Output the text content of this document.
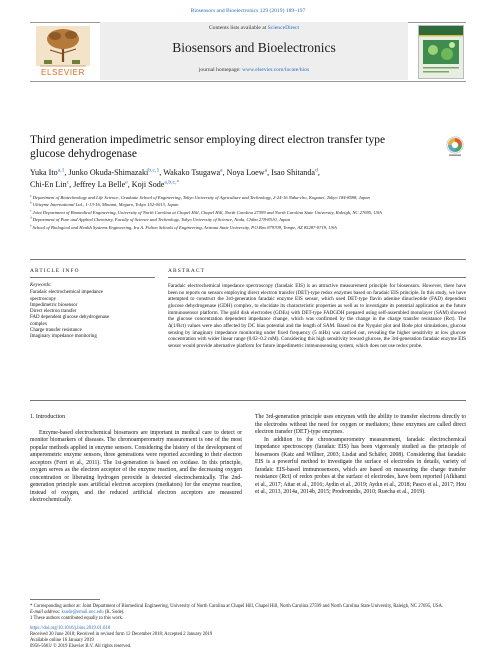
Biosensors and Bioelectronics 129 (2019) 189–197
Contents lists available at ScienceDirect
Biosensors and Bioelectronics
journal homepage: www.elsevier.com/locate/bios
ELSEVIER
Third generation impedimetric sensor employing direct electron transfer type glucose dehydrogenase
Yuka Ito$^{a,1}$, Junko Okuda-Shimazaki$^{b,c,1}$, Wakako Tsugawa$^a$, Noya Loew$^a$, Isao Shitanda$^d$,
Chi-En Lin$^c$, Jeffrey La Belle$^e$, Koji Sode$^{a,b,c,*}$

$^a$ Department of Biotechnology and Life Science, Graduate School of Engineering, Tokyo University of Agriculture and Technology, 2-24-16 Naka-cho, Koganei, Tokyo 184-8588, Japan

$^b$ Ultizyme International Ltd., 1-13-16, Minami, Meguro, Tokyo 152-0013, Japan

$^c$ Joint Department of Biomedical Engineering, University of North Carolina at Chapel Hill, Chapel Hill, North Carolina 27599 and North Carolina State University, Raleigh, NC 27695, USA

$^d$ Department of Pure and Applied Chemistry, Faculty of Science and Technology, Tokyo University of Science, Noda, Chiba 278-8510, Japan

$^e$ School of Biological and Health Systems Engineering, Ira A. Fulton Schools of Engineering, Arizona State University, P.O.Box 879709, Tempe, AZ 85287-9719, USA

ARTICLE INFO	ABSTRACT
Keywords:
Faradaic electrochemical impedance
spectroscopy
Impedimetric biosensor
Direct electron transfer
FAD dependent glucose dehydrogenase
complex
Charge transfer resistance
Imaginary impedance monitoring
Faradaic electrochemical impedance spectroscopy (faradaic EIS) is an attractive measurement principle for biosensors. However, there have been no reports on sensors employing direct electron transfer (DET)-type redox enzymes based on faradaic EIS principle. In this study, we have attempted to construct the 3rd-generation faradaic enzyme EIS sensor, which used DET-type flavin adenine dinucleotide (FAD) dependent glucose dehydrogenase (GDH) complex, to elucidate its characteristic properties as well as to investigate its potential application as the future immunosensor platform. The gold disk electrodes (GDEs) with DET-type FADGDH prepared using self-assembled monolayer (SAM) showed the glucose concentration dependent impedance change, which was confirmed by the change in the charge transfer resistance (Rct). The Δ(1/Rct) values were also affected by DC bias potential and the length of SAM. Based on the Nyquist plot and Bode plot simulations, glucose sensing by imaginary impedance monitoring under fixed frequency (5 mHz) was carried out, revealing the higher sensitivity at low glucose concentration with wider linear range (0.02–0.2 mM). Considering this high sensitivity toward glucose, the 3rd-generation faradaic enzyme EIS sensor would provide alternative platform for future impedimetric immunosensing system, which does not use redox probe.
1. Introduction

Enzyme-based electrochemical biosensors are important in medical care to detect or monitor biomarkers of diseases. The chronoamperometry measurement is one of the most popular methods applied in enzyme sensors. Considering the history of the development of amperometric enzyme sensors, three generations were reported according to their electron acceptors (Ferri et al., 2011). The 1st-generation is based on oxidase. In this principle, oxygen serves as the electron acceptor of the enzyme reaction, and the decreasing oxygen concentration or liberating hydrogen peroxide is detected electrochemically. The 2nd-generation principle uses artificial electron acceptors (mediators) for the enzyme reaction, instead of oxygen, and the reduced artificial electron acceptors are measured electrochemically.

The 3rd-generation principle uses enzymes with the ability to transfer electrons directly to the electrodes without the need for oxygen or mediators; these enzymes are called direct electron transfer (DET)-type enzymes.

In addition to the chronoamperometry measurement, faradaic electrochemical impedance spectroscopy (faradaic EIS) has been vigorously studied as the principle of biosensors (Katz and Willner, 2003; Lisdat and Schäfer, 2008). Considering that faradaic EIS is a powerful method to investigate the surface of electrodes in details, variety of faradaic EIS-based immunosensors, which are based on measuring the charge transfer resistance (Rct) of redox probes at the surface of electrodes, have been reported (Afkhami et al., 2017; Attar et al., 2016; Aydin et al., 2019; Aydın et al., 2018; Pasco et al., 2017; Hou et al., 2013, 2014a, 2014b, 2015; Prodromidis, 2010; Ruecha et al., 2019).

* Corresponding author at: Joint Department of Biomedical Engineering, University of North Carolina at Chapel Hill, Chapel Hill, North Carolina 27599 and North Carolina State University, Raleigh, NC 27695, USA.
E-mail address: ksode@email.unc.edu (K. Sode).
1 These authors contributed equally to this work.
https://doi.org/10.1016/j.bios.2019.01.018
Received 30 June 2018; Received in revised form 12 December 2018; Accepted 2 January 2019
Available online 16 January 2019
0956-5663/ © 2019 Elsevier B.V. All rights reserved.
